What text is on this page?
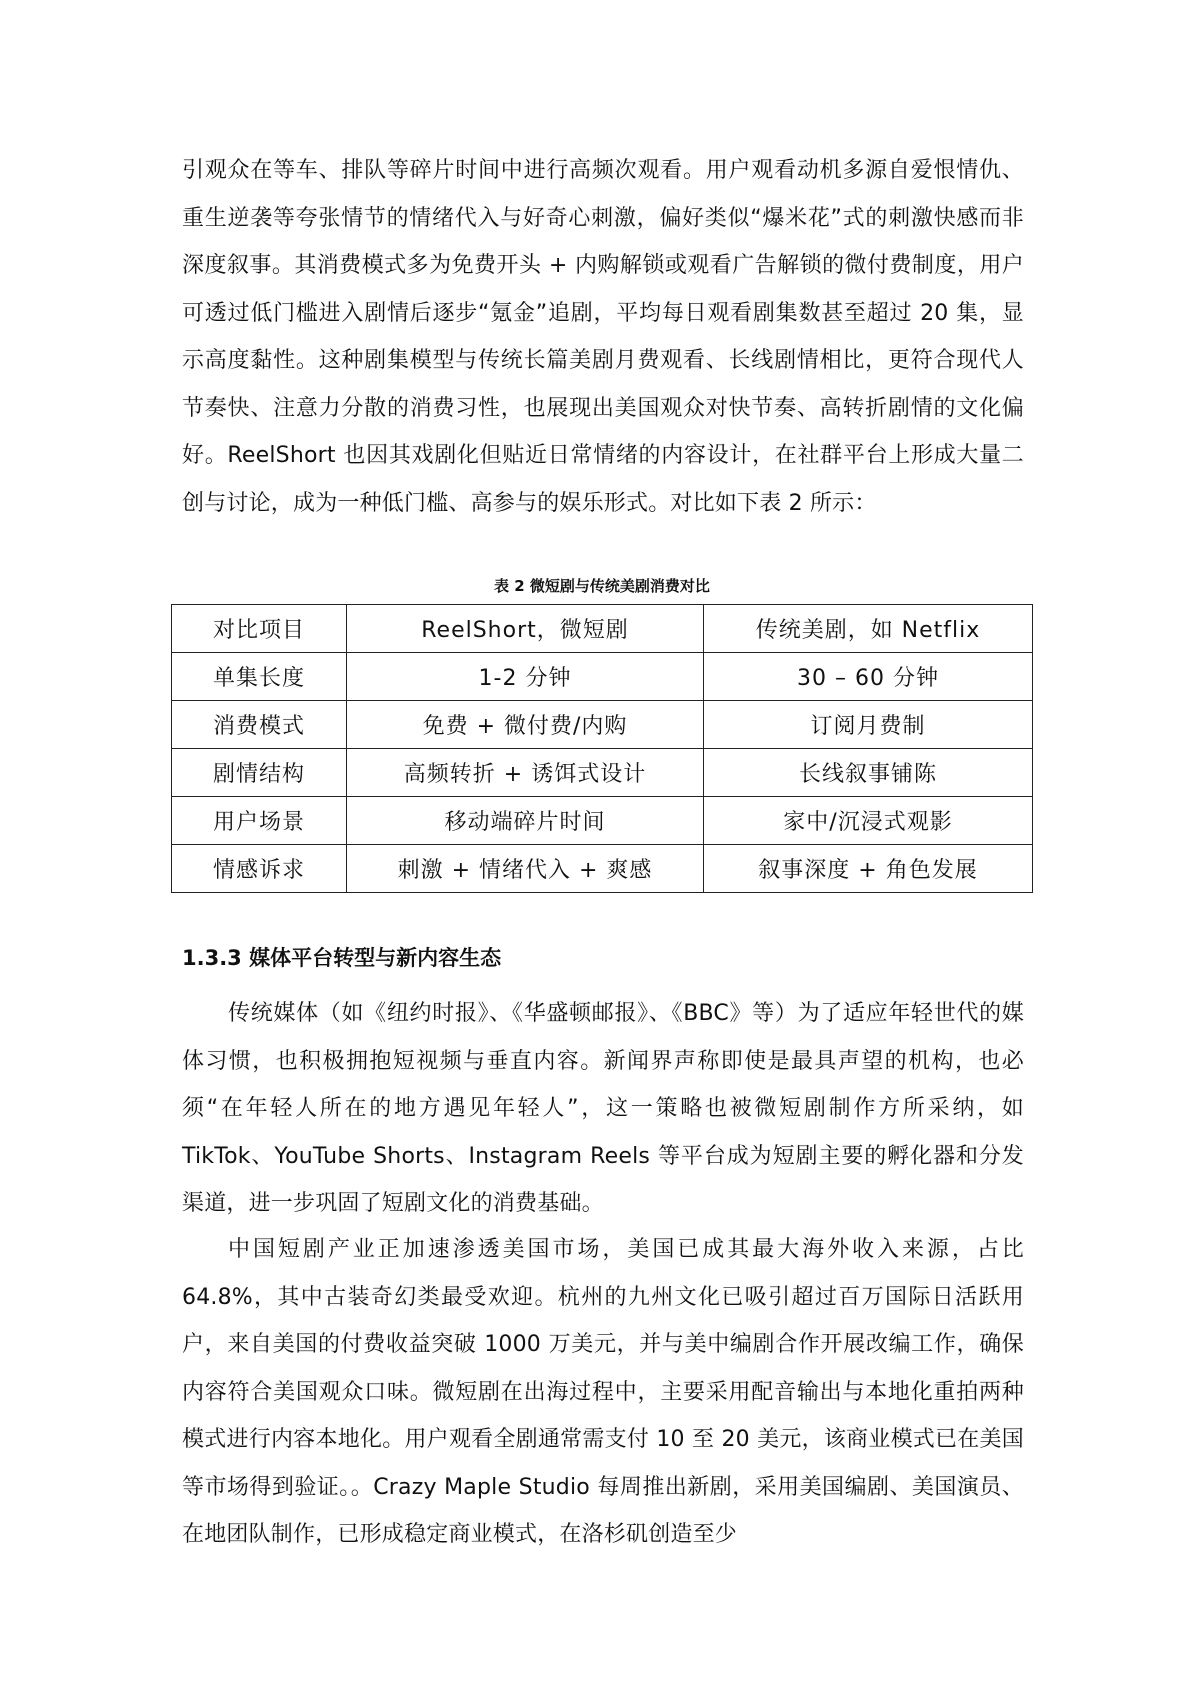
引观众在等车、排队等碎片时间中进行高频次观看。用户观看动机多源自爱恨情仇、重生逆袭等夸张情节的情绪代入与好奇心刺激，偏好类似“爆米花”式的刺激快感而非深度叙事。其消费模式多为免费开头 + 内购解锁或观看广告解锁的微付费制度，用户可透过低门槛进入剧情后逐步“氪金”追剧，平均每日观看剧集数甚至超过 20 集，显示高度黏性。这种剧集模型与传统长篇美剧月费观看、长线剧情相比，更符合现代人节奏快、注意力分散的消费习性，也展现出美国观众对快节奏、高转折剧情的文化偏好。ReelShort 也因其戏剧化但贴近日常情绪的内容设计，在社群平台上形成大量二创与讨论，成为一种低门槛、高参与的娱乐形式。对比如下表 2 所示：

表 2 微短剧与传统美剧消费对比

对比项目	ReelShort，微短剧	传统美剧，如 Netflix
单集长度	1-2 分钟	30 – 60 分钟
消费模式	免费 + 微付费/内购	订阅月费制
剧情结构	高频转折 + 诱饵式设计	长线叙事铺陈
用户场景	移动端碎片时间	家中/沉浸式观影
情感诉求	刺激 + 情绪代入 + 爽感	叙事深度 + 角色发展
1.3.3 媒体平台转型与新内容生态

传统媒体（如《纽约时报》、《华盛顿邮报》、《BBC》等）为了适应年轻世代的媒体习惯，也积极拥抱短视频与垂直内容。新闻界声称即使是最具声望的机构，也必须“在年轻人所在的地方遇见年轻人”，这一策略也被微短剧制作方所采纳，如 TikTok、YouTube Shorts、Instagram Reels 等平台成为短剧主要的孵化器和分发渠道，进一步巩固了短剧文化的消费基础。

中国短剧产业正加速渗透美国市场，美国已成其最大海外收入来源，占比64.8%，其中古装奇幻类最受欢迎。杭州的九州文化已吸引超过百万国际日活跃用户，来自美国的付费收益突破 1000 万美元，并与美中编剧合作开展改编工作，确保内容符合美国观众口味。微短剧在出海过程中，主要采用配音输出与本地化重拍两种模式进行内容本地化。用户观看全剧通常需支付 10 至 20 美元，该商业模式已在美国等市场得到验证。。Crazy Maple Studio 每周推出新剧，采用美国编剧、美国演员、在地团队制作，已形成稳定商业模式，在洛杉矶创造至少
